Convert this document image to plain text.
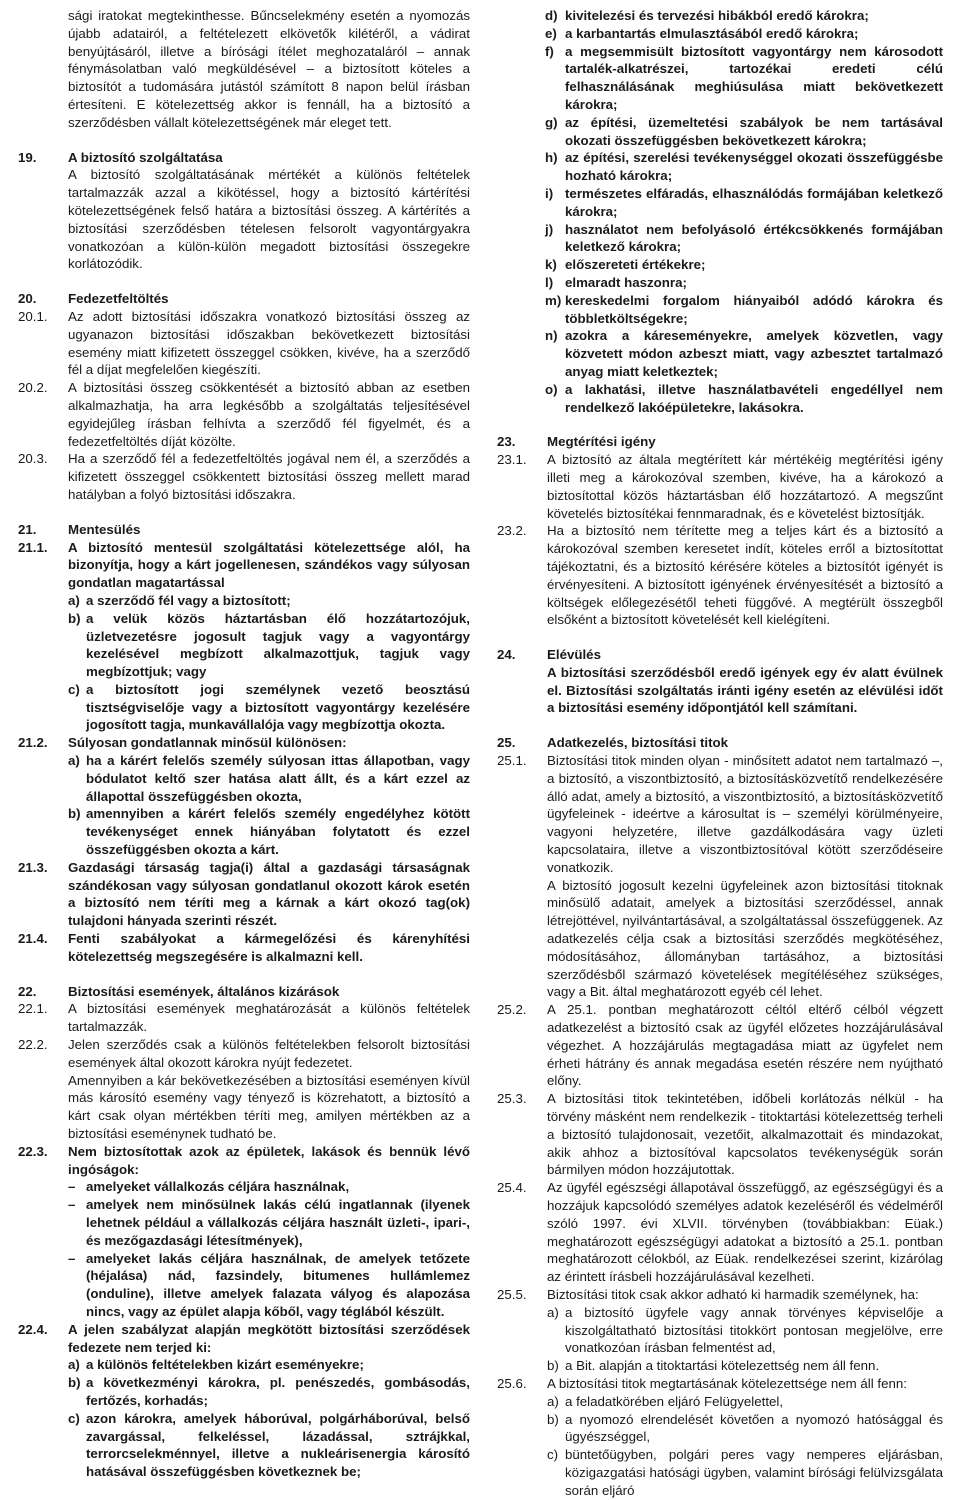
sági iratokat megtekinthesse. Bűncselekmény esetén a nyomozás újabb adatairól, a feltételezett elkövetők kilétéről, a vádirat benyújtásáról, illetve a bírósági ítélet meghozataláról – annak fénymásolatban való megküldésével – a biztosított köteles a biztosítót a tudomására jutástól számított 8 napon belül írásban értesíteni. E kötelezettség akkor is fennáll, ha a biztosító a szerződésben vállalt kötelezettségének már eleget tett.
19. A biztosító szolgáltatása
A biztosító szolgáltatásának mértékét a különös feltételek tartalmazzák azzal a kikötéssel, hogy a biztosító kártérítési kötelezettségének felső határa a biztosítási összeg. A kártérítés a biztosítási szerződésben tételesen felsorolt vagyontárgyakra vonatkozóan a külön-külön megadott biztosítási összegekre korlátozódik.
20. Fedezetfeltöltés
20.1. Az adott biztosítási időszakra vonatkozó biztosítási összeg az ugyanazon biztosítási időszakban bekövetkezett biztosítási esemény miatt kifizetett összeggel csökken, kivéve, ha a szerződő fél a díjat megfelelően kiegészíti.
20.2. A biztosítási összeg csökkentését a biztosító abban az esetben alkalmazhatja, ha arra legkésőbb a szolgáltatás teljesítésével egyidejűleg írásban felhívta a szerződő fél figyelmét, és a fedezetfeltöltés díját közölte.
20.3. Ha a szerződő fél a fedezetfeltöltés jogával nem él, a szerződés a kifizetett összeggel csökkentett biztosítási összeg mellett marad hatályban a folyó biztosítási időszakra.
21. Mentesülés
21.1. A biztosító mentesül szolgáltatási kötelezettsége alól, ha bizonyítja, hogy a kárt jogellenesen, szándékos vagy súlyosan gondatlan magatartással
a) a szerződő fél vagy a biztosított;
b) a velük közös háztartásban élő hozzátartozójuk, üzletvezetésre jogosult tagjuk vagy a vagyontárgy kezelésével megbízott alkalmazottjuk, tagjuk vagy megbízottjuk; vagy
c) a biztosított jogi személynek vezető beosztású tisztségviselője vagy a biztosított vagyontárgy kezelésére jogosított tagja, munkavállalója vagy megbízottja okozta.
21.2. Súlyosan gondatlannak minősül különösen:
a) ha a kárért felelős személy súlyosan ittas állapotban, vagy bódulatot keltő szer hatása alatt állt, és a kárt ezzel az állapottal összefüggésben okozta,
b) amennyiben a kárért felelős személy engedélyhez kötött tevékenységet ennek hiányában folytatott és ezzel összefüggésben okozta a kárt.
21.3. Gazdasági társaság tagja(i) által a gazdasági társaságnak szándékosan vagy súlyosan gondatlanul okozott károk esetén a biztosító nem téríti meg a kárnak a kárt okozó tag(ok) tulajdoni hányada szerinti részét.
21.4. Fenti szabályokat a kármegelőzési és kárenyhítési kötelezettség megszegésére is alkalmazni kell.
22. Biztosítási események, általános kizárások
22.1. A biztosítási események meghatározását a különös feltételek tartalmazzák.
22.2. Jelen szerződés csak a különös feltételekben felsorolt biztosítási események által okozott károkra nyújt fedezetet.
Amennyiben a kár bekövetkezésében a biztosítási eseményen kívül más károsító esemény vagy tényező is közrehatott, a biztosító a kárt csak olyan mértékben téríti meg, amilyen mértékben az a biztosítási eseménynek tudható be.
22.3. Nem biztosítottak azok az épületek, lakások és bennük lévő ingóságok:
– amelyeket vállalkozás céljára használnak,
– amelyek nem minősülnek lakás célú ingatlannak (ilyenek lehetnek például a vállalkozás céljára használt üzleti-, ipari-, és mezőgazdasági létesítmények),
– amelyeket lakás céljára használnak, de amelyek tetőzete (héjalása) nád, fazsindely, bitumenes hullámlemez (onduline), illetve amelyek falazata vályog és alapozása nincs, vagy az épület alapja kőből, vagy téglából készült.
22.4. A jelen szabályzat alapján megkötött biztosítási szerződések fedezete nem terjed ki:
a) a különös feltételekben kizárt eseményekre;
b) a következményi károkra, pl. penészedés, gombásodás, fertőzés, korhadás;
c) azon károkra, amelyek háborúval, polgárháborúval, belső zavargással, felkeléssel, lázadással, sztrájkkal, terrorcselekménnyel, illetve a nukleárisenergia károsító hatásával összefüggésben következnek be;
d) kivitelezési és tervezési hibákból eredő károkra;
e) a karbantartás elmulasztásából eredő károkra;
f) a megsemmisült biztosított vagyontárgy nem károsodott tartalék-alkatrészei, tartozékai eredeti célú felhasználásának meghiúsulása miatt bekövetkezett károkra;
g) az építési, üzemeltetési szabályok be nem tartásával okozati összefüggésben bekövetkezett károkra;
h) az építési, szerelési tevékenységgel okozati összefüggésbe hozható károkra;
i) természetes elfáradás, elhasználódás formájában keletkező károkra;
j) használatot nem befolyásoló értékcsökkenés formájában keletkező károkra;
k) előszereteti értékekre;
l) elmaradt haszonra;
m) kereskedelmi forgalom hiányaiból adódó károkra és többletköltségekre;
n) azokra a káreseményekre, amelyek közvetlen, vagy közvetett módon azbeszt miatt, vagy azbesztet tartalmazó anyag miatt keletkeztek;
o) a lakhatási, illetve használatbavételi engedéllyel nem rendelkező lakóépületekre, lakásokra.
23. Megtérítési igény
23.1. A biztosító az általa megtérített kár mértékéig megtérítési igény illeti meg a károkozóval szemben, kivéve, ha a károkozó a biztosítottal közös háztartásban élő hozzátartozó. A megszűnt követelés biztosítékai fennmaradnak, és e követelést biztosítják.
23.2. Ha a biztosító nem térítette meg a teljes kárt és a biztosító a károkozóval szemben keresetet indít, köteles erről a biztosítottat tájékoztatni, és a biztosító kérésére köteles a biztosítót igényét is érvényesíteni. A biztosított igényének érvényesítését a biztosító a költségek előlegezésétől teheti függővé. A megtérült összegből elsőként a biztosított követelését kell kielégíteni.
24. Elévülés
A biztosítási szerződésből eredő igények egy év alatt évülnek el. Biztosítási szolgáltatás iránti igény esetén az elévülési időt a biztosítási esemény időpontjától kell számítani.
25. Adatkezelés, biztosítási titok
25.1. Biztosítási titok minden olyan - minősített adatot nem tartalmazó –, a biztosító, a viszontbiztosító, a biztosításközvetítő rendelkezésére álló adat, amely a biztosító, a viszontbiztosító, a biztosításközvetítő ügyfeleinek - ideértve a károsultat is – személyi körülményeire, vagyoni helyzetére, illetve gazdálkodására vagy üzleti kapcsolataira, illetve a viszontbiztosítóval kötött szerződéseire vonatkozik.
A biztosító jogosult kezelni ügyfeleinek azon biztosítási titoknak minősülő adatait, amelyek a biztosítási szerződéssel, annak létrejöttével, nyilvántartásával, a szolgáltatással összefüggenek. Az adatkezelés célja csak a biztosítási szerződés megkötéséhez, módosításához, állományban tartásához, a biztosítási szerződésből származó követelések megítéléséhez szükséges, vagy a Bit. által meghatározott egyéb cél lehet.
25.2. A 25.1. pontban meghatározott céltól eltérő célból végzett adatkezelést a biztosító csak az ügyfél előzetes hozzájárulásával végezhet. A hozzájárulás megtagadása miatt az ügyfelet nem érheti hátrány és annak megadása esetén részére nem nyújtható előny.
25.3. A biztosítási titok tekintetében, időbeli korlátozás nélkül - ha törvény másként nem rendelkezik - titoktartási kötelezettség terheli a biztosító tulajdonosait, vezetőit, alkalmazottait és mindazokat, akik ahhoz a biztosítóval kapcsolatos tevékenységük során bármilyen módon hozzájutottak.
25.4. Az ügyfél egészségi állapotával összefüggő, az egészségügyi és a hozzájuk kapcsolódó személyes adatok kezeléséről és védelméről szóló 1997. évi XLVII. törvényben (továbbiakban: Eüak.) meghatározott egészségügyi adatokat a biztosító a 25.1. pontban meghatározott célokból, az Eüak. rendelkezései szerint, kizárólag az érintett írásbeli hozzájárulásával kezelheti.
25.5. Biztosítási titok csak akkor adható ki harmadik személynek, ha:
a) a biztosító ügyfele vagy annak törvényes képviselője a kiszolgáltatható biztosítási titokkört pontosan megjelölve, erre vonatkozóan írásban felmentést ad,
b) a Bit. alapján a titoktartási kötelezettség nem áll fenn.
25.6. A biztosítási titok megtartásának kötelezettsége nem áll fenn:
a) a feladatkörében eljáró Felügyelettel,
b) a nyomozó elrendelését követően a nyomozó hatósággal és ügyészséggel,
c) büntetőügyben, polgári peres vagy nemperes eljárásban, közigazgatási hatósági ügyben, valamint bírósági felülvizsgálata során eljáró
